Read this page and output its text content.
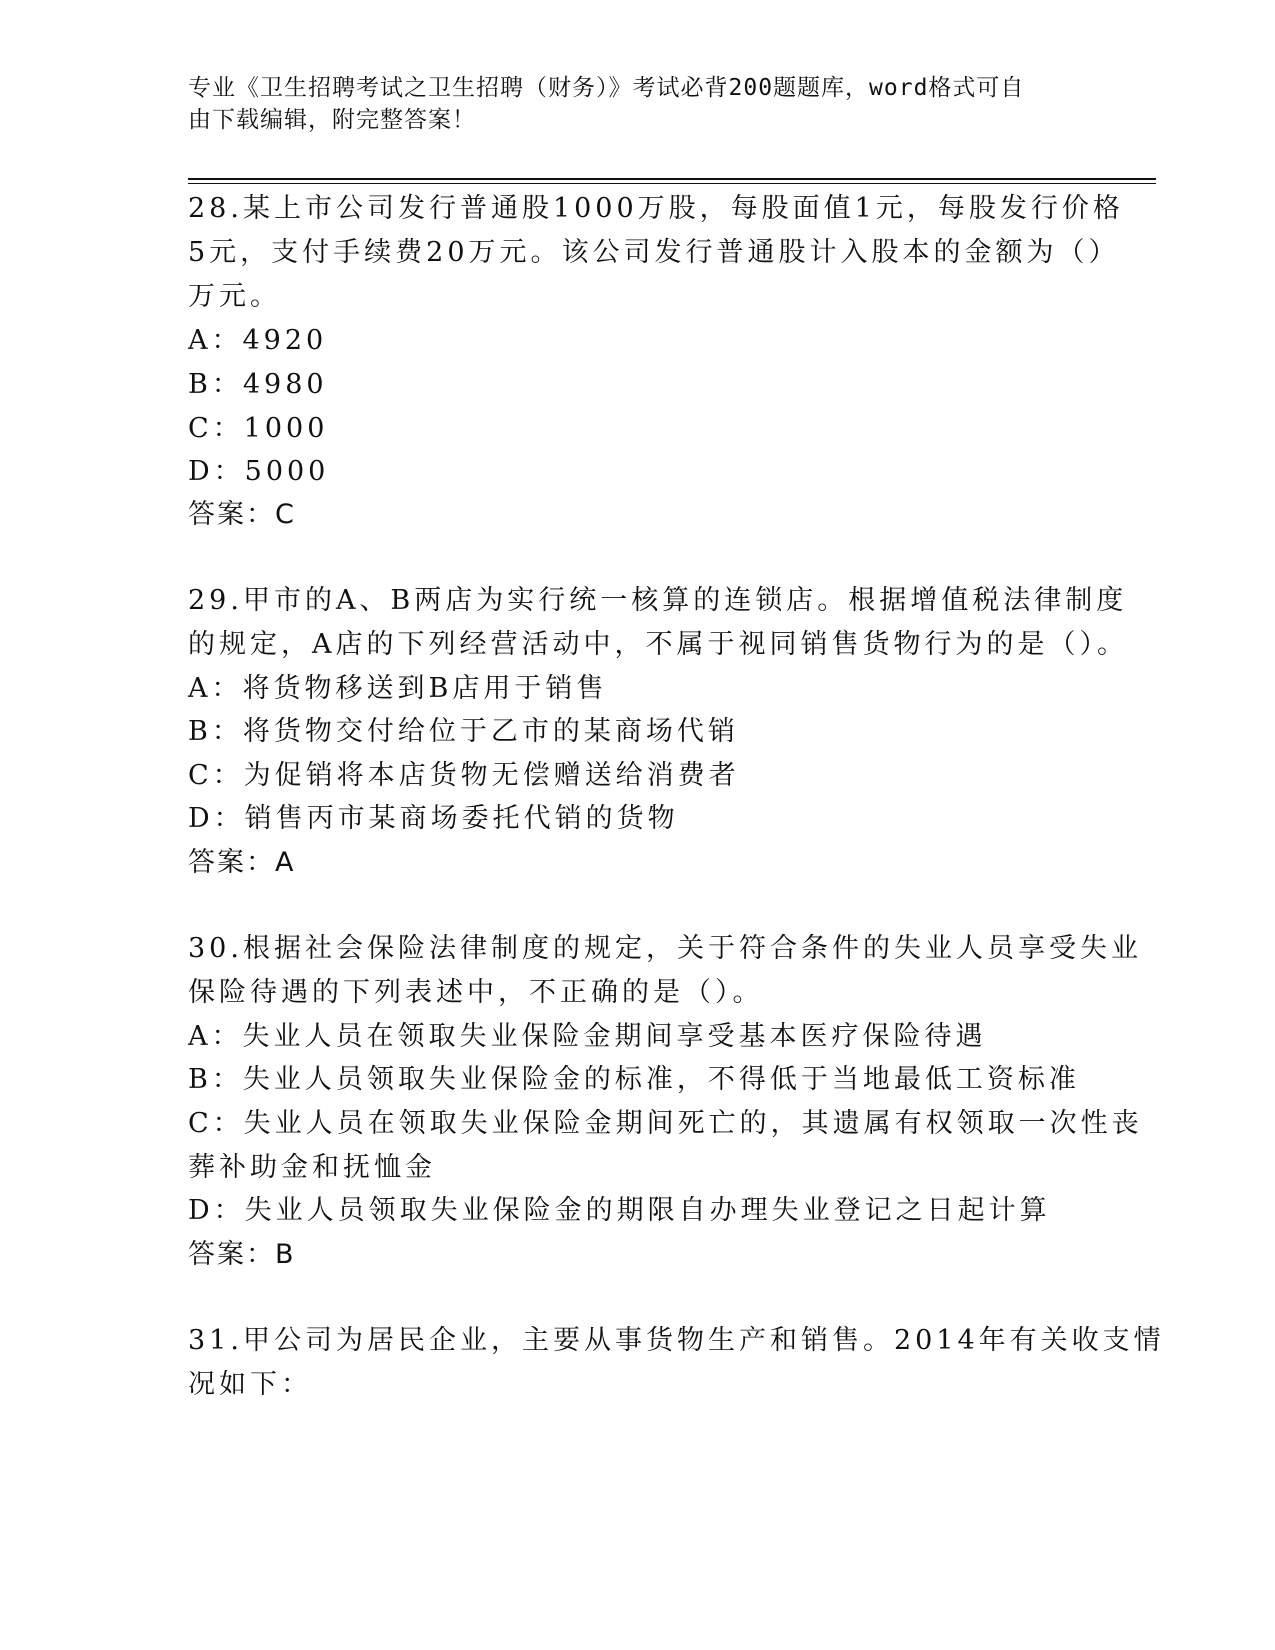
专业《卫生招聘考试之卫生招聘（财务）》考试必背200题题库，word格式可自
由下载编辑，附完整答案！
28.某上市公司发行普通股1000万股，每股面值1元，每股发行价格
5元，支付手续费20万元。该公司发行普通股计入股本的金额为（）
万元。
A：4920
B：4980
C：1000
D：5000
答案：C
29.甲市的A、B两店为实行统一核算的连锁店。根据增值税法律制度
的规定，A店的下列经营活动中，不属于视同销售货物行为的是（）。
A：将货物移送到B店用于销售
B：将货物交付给位于乙市的某商场代销
C：为促销将本店货物无偿赠送给消费者
D：销售丙市某商场委托代销的货物
答案：A
30.根据社会保险法律制度的规定，关于符合条件的失业人员享受失业
保险待遇的下列表述中，不正确的是（）。
A：失业人员在领取失业保险金期间享受基本医疗保险待遇
B：失业人员领取失业保险金的标准，不得低于当地最低工资标准
C：失业人员在领取失业保险金期间死亡的，其遗属有权领取一次性丧
葬补助金和抚恤金
D：失业人员领取失业保险金的期限自办理失业登记之日起计算
答案：B
31.甲公司为居民企业，主要从事货物生产和销售。2014年有关收支情
况如下：
